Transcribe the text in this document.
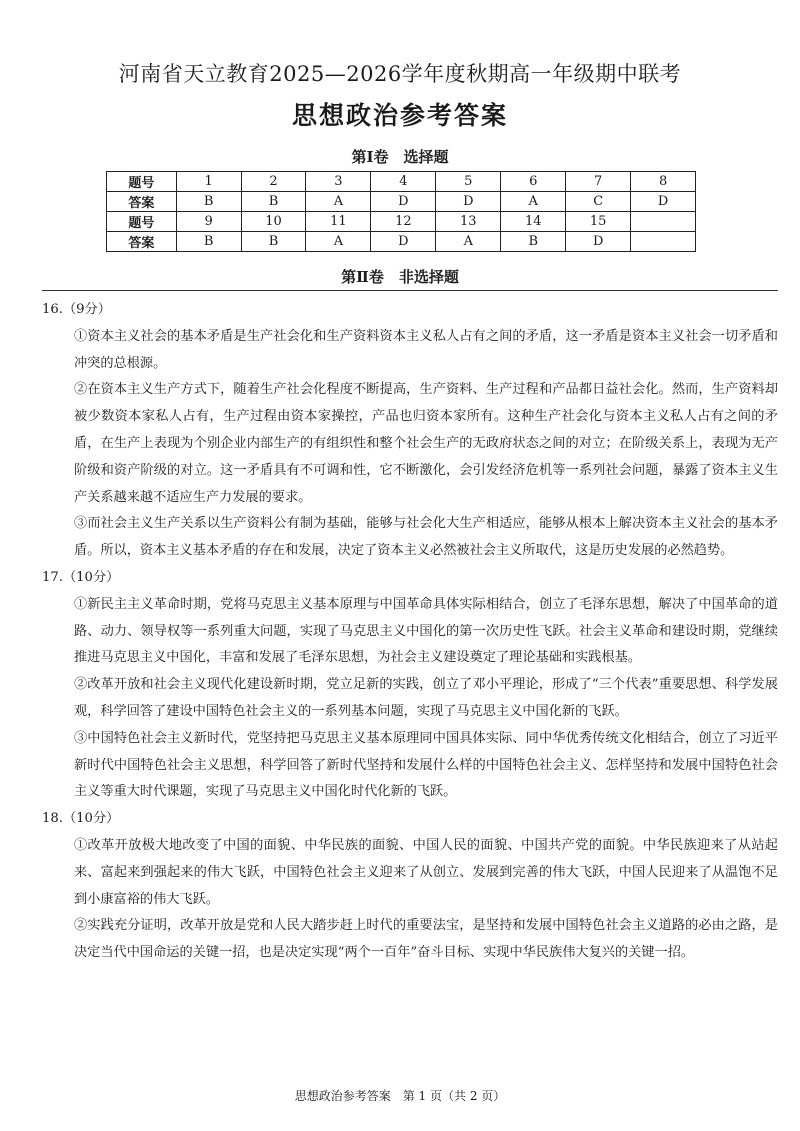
河南省天立教育2025—2026学年度秋期高一年级期中联考
思想政治参考答案
第Ⅰ卷　选择题
题号	1	2	3	4	5	6	7	8
答案	B	B	A	D	D	A	C	D
题号	9	10	11	12	13	14	15	
答案	B	B	A	D	A	B	D	
第Ⅱ卷　非选择题
16.（9分）
①资本主义社会的基本矛盾是生产社会化和生产资料资本主义私人占有之间的矛盾，这一矛盾是资本主义社会一切矛盾和冲突的总根源。
②在资本主义生产方式下，随着生产社会化程度不断提高，生产资料、生产过程和产品都日益社会化。然而，生产资料却被少数资本家私人占有，生产过程由资本家操控，产品也归资本家所有。这种生产社会化与资本主义私人占有之间的矛盾，在生产上表现为个别企业内部生产的有组织性和整个社会生产的无政府状态之间的对立；在阶级关系上，表现为无产阶级和资产阶级的对立。这一矛盾具有不可调和性，它不断激化，会引发经济危机等一系列社会问题，暴露了资本主义生产关系越来越不适应生产力发展的要求。
③而社会主义生产关系以生产资料公有制为基础，能够与社会化大生产相适应，能够从根本上解决资本主义社会的基本矛盾。所以，资本主义基本矛盾的存在和发展，决定了资本主义必然被社会主义所取代，这是历史发展的必然趋势。
17.（10分）
①新民主主义革命时期，党将马克思主义基本原理与中国革命具体实际相结合，创立了毛泽东思想，解决了中国革命的道路、动力、领导权等一系列重大问题，实现了马克思主义中国化的第一次历史性飞跃。社会主义革命和建设时期，党继续推进马克思主义中国化，丰富和发展了毛泽东思想，为社会主义建设奠定了理论基础和实践根基。
②改革开放和社会主义现代化建设新时期，党立足新的实践，创立了邓小平理论，形成了“三个代表”重要思想、科学发展观，科学回答了建设中国特色社会主义的一系列基本问题，实现了马克思主义中国化新的飞跃。
③中国特色社会主义新时代，党坚持把马克思主义基本原理同中国具体实际、同中华优秀传统文化相结合，创立了习近平新时代中国特色社会主义思想，科学回答了新时代坚持和发展什么样的中国特色社会主义、怎样坚持和发展中国特色社会主义等重大时代课题，实现了马克思主义中国化时代化新的飞跃。
18.（10分）
①改革开放极大地改变了中国的面貌、中华民族的面貌、中国人民的面貌、中国共产党的面貌。中华民族迎来了从站起来、富起来到强起来的伟大飞跃，中国特色社会主义迎来了从创立、发展到完善的伟大飞跃，中国人民迎来了从温饱不足到小康富裕的伟大飞跃。
②实践充分证明，改革开放是党和人民大踏步赶上时代的重要法宝，是坚持和发展中国特色社会主义道路的必由之路，是决定当代中国命运的关键一招，也是决定实现“两个一百年”奋斗目标、实现中华民族伟大复兴的关键一招。
思想政治参考答案　第 1 页（共 2 页）
